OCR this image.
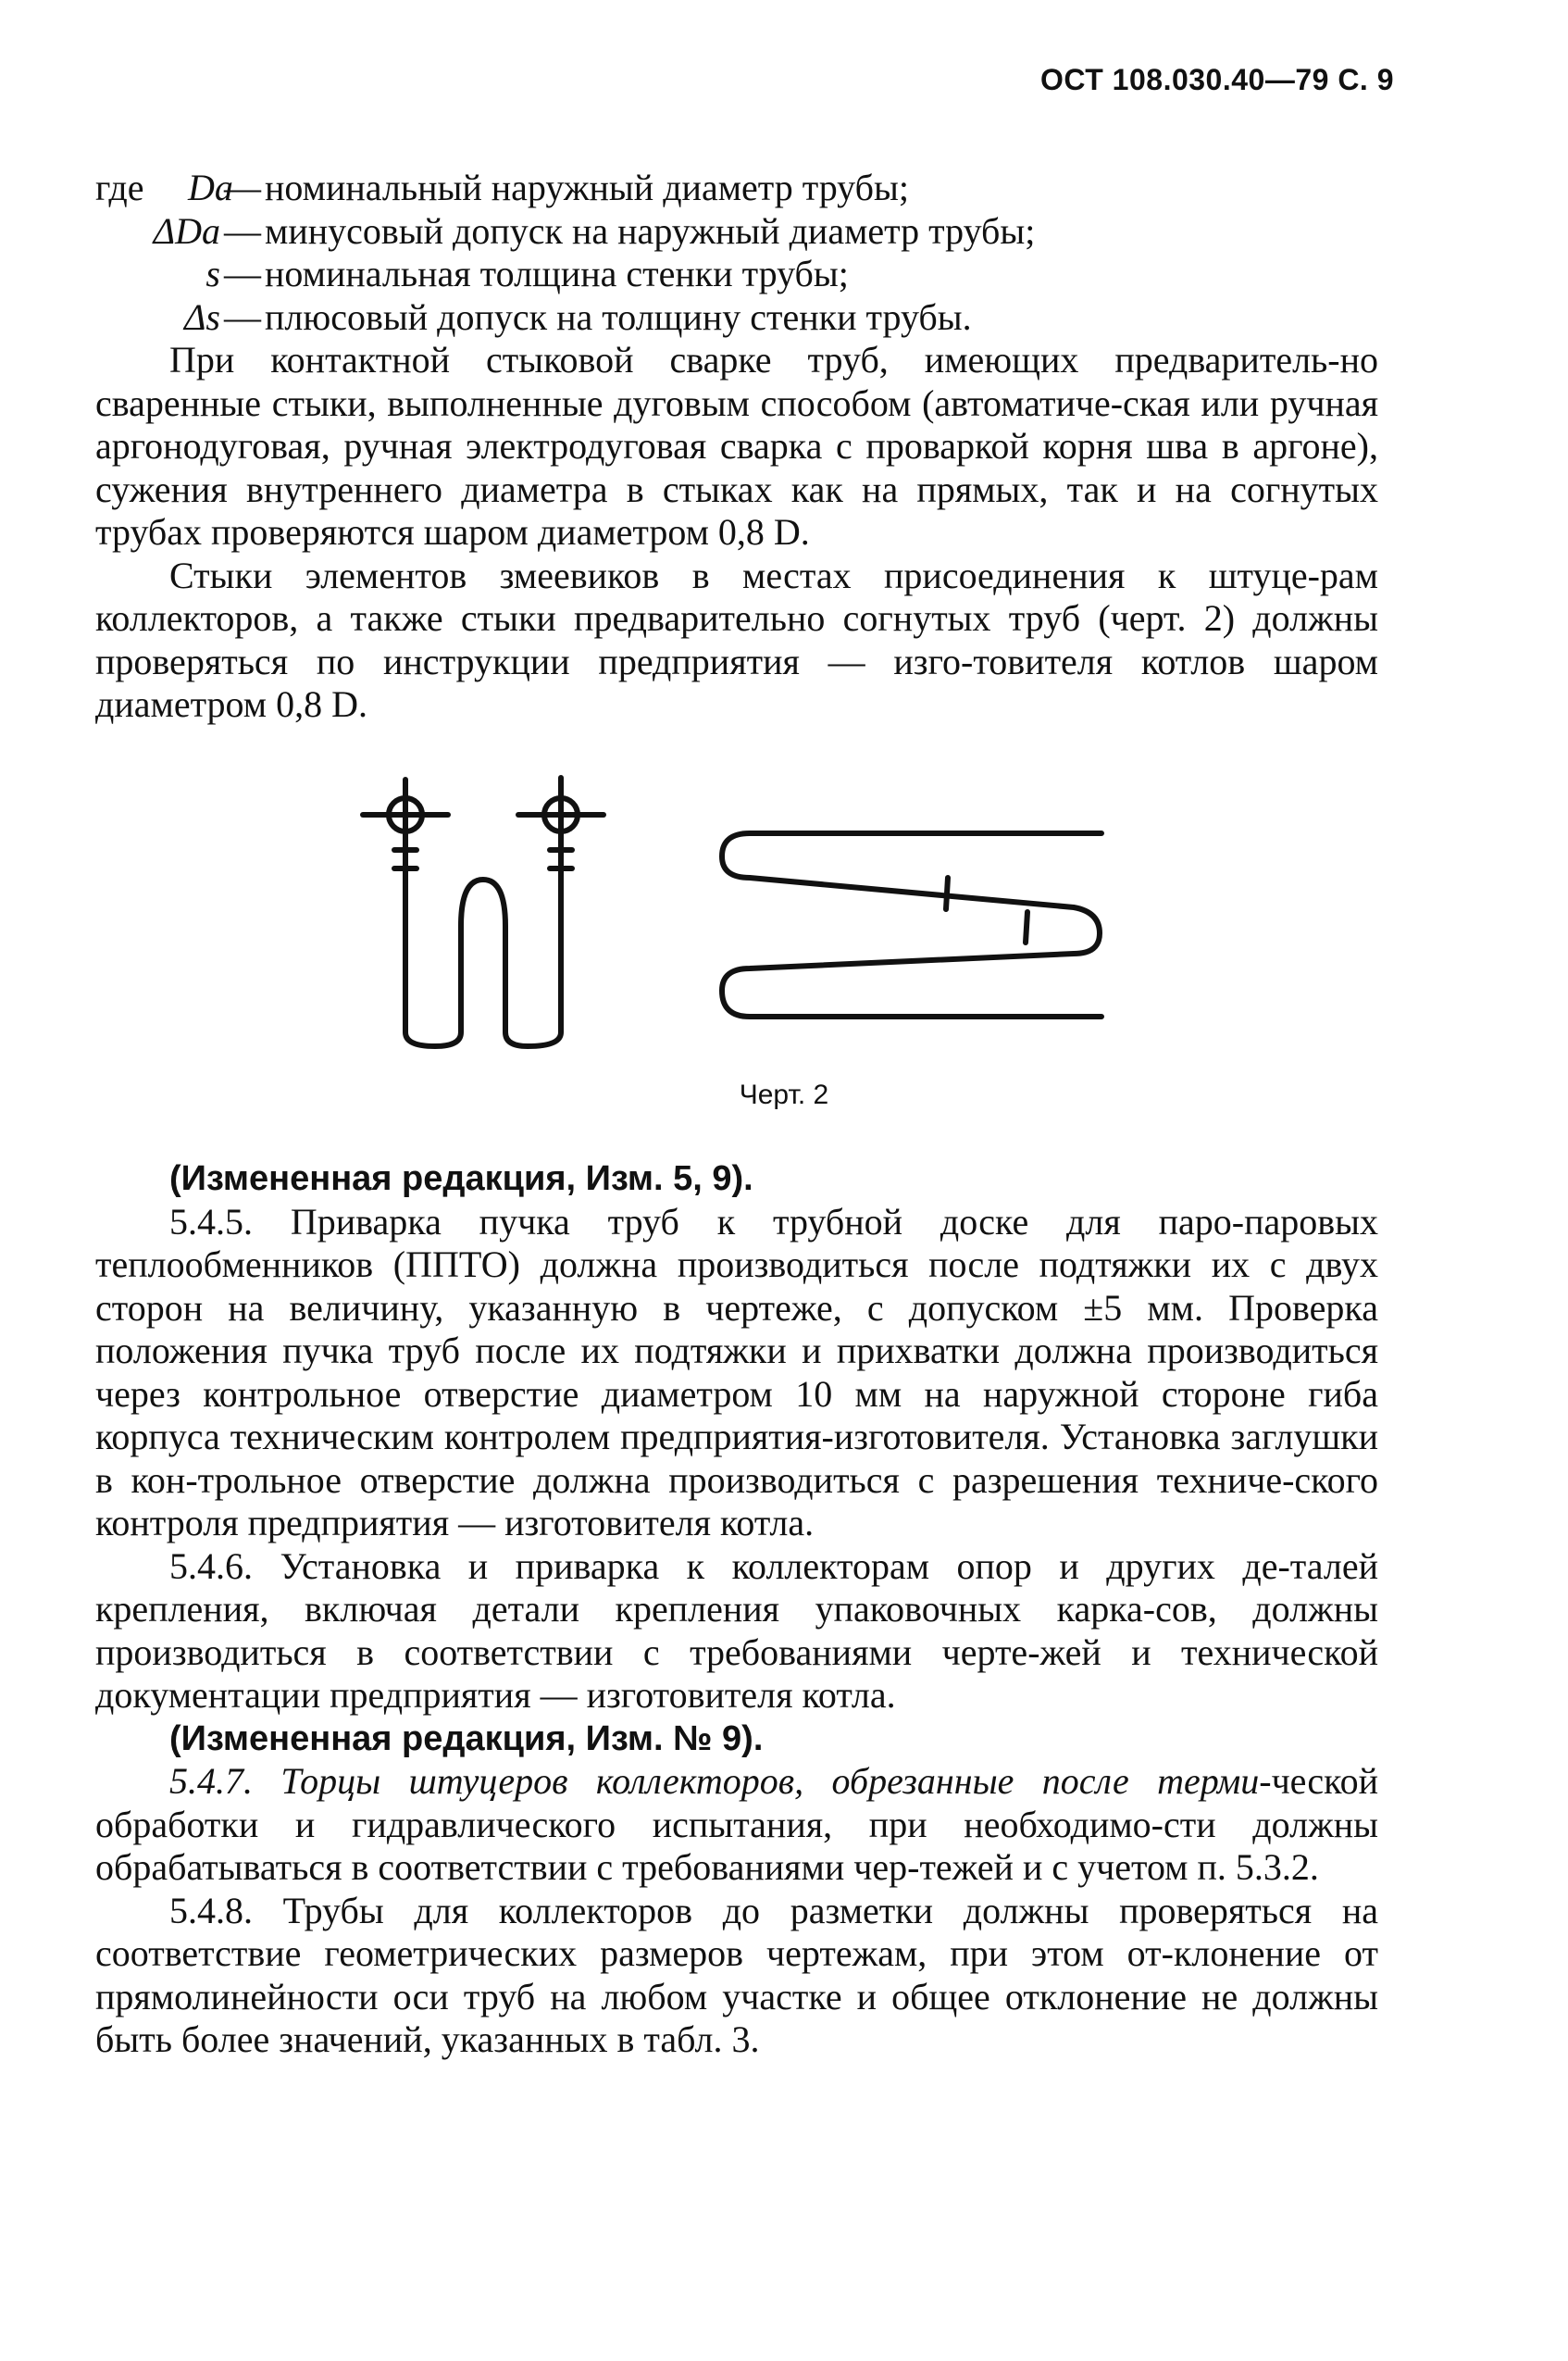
ОСТ 108.030.40—79 С. 9
где	Dа
— номинальный наружный диаметр трубы;
ΔDа — минусовый допуск на наружный диаметр трубы;
s — номинальная толщина стенки трубы;
Δs — плюсовый допуск на толщину стенки трубы.

При контактной стыковой сварке труб, имеющих предваритель-но сваренные стыки, выполненные дуговым способом (автоматиче-ская или ручная аргонодуговая, ручная электродуговая сварка с проваркой корня шва в аргоне), сужения внутреннего диаметра в стыках как на прямых, так и на согнутых трубах проверяются шаром диаметром 0,8 D.

Стыки элементов змеевиков в местах присоединения к штуце-рам коллекторов, а также стыки предварительно согнутых труб (черт. 2) должны проверяться по инструкции предприятия — изго-товителя котлов шаром диаметром 0,8 D.

Черт. 2

(Измененная редакция, Изм. 5, 9).

5.4.5. Приварка пучка труб к трубной доске для паро-паровых теплообменников (ППТО) должна производиться после подтяжки их с двух сторон на величину, указанную в чертеже, с допуском ±5 мм. Проверка положения пучка труб после их подтяжки и прихватки должна производиться через контрольное отверстие диаметром 10 мм на наружной стороне гиба корпуса техническим контролем предприятия-изготовителя. Установка заглушки в кон-трольное отверстие должна производиться с разрешения техниче-ского контроля предприятия — изготовителя котла.

5.4.6. Установка и приварка к коллекторам опор и других де-талей крепления, включая детали крепления упаковочных карка-сов, должны производиться в соответствии с требованиями черте-жей и технической документации предприятия — изготовителя котла.

(Измененная редакция, Изм. № 9).

5.4.7. Торцы штуцеров коллекторов, обрезанные после терми-ческой обработки и гидравлического испытания, при необходимо-сти должны обрабатываться в соответствии с требованиями чер-тежей и с учетом п. 5.3.2.

5.4.8. Трубы для коллекторов до разметки должны проверяться на соответствие геометрических размеров чертежам, при этом от-клонение от прямолинейности оси труб на любом участке и общее отклонение не должны быть более значений, указанных в табл. 3.
